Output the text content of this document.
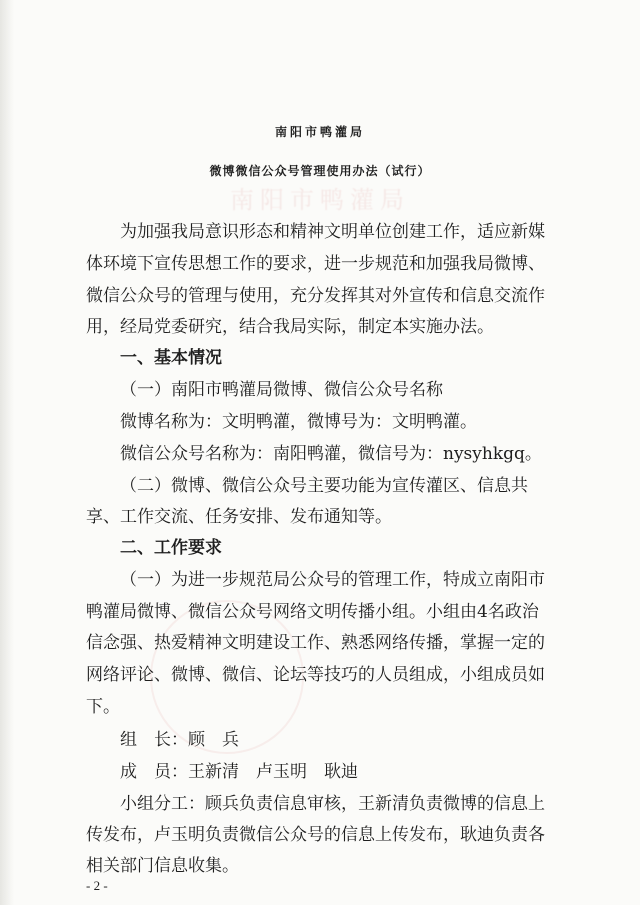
南阳市鸭灌局
南阳市鸭灌局
微博微信公众号管理使用办法（试行）
为加强我局意识形态和精神文明单位创建工作，适应新媒
体环境下宣传思想工作的要求，进一步规范和加强我局微博、
微信公众号的管理与使用，充分发挥其对外宣传和信息交流作
用，经局党委研究，结合我局实际，制定本实施办法。
一、基本情况
（一）南阳市鸭灌局微博、微信公众号名称
微博名称为：文明鸭灌，微博号为：文明鸭灌。
微信公众号名称为：南阳鸭灌，微信号为：nysyhkgq。
（二）微博、微信公众号主要功能为宣传灌区、信息共
享、工作交流、任务安排、发布通知等。
二、工作要求
（一）为进一步规范局公众号的管理工作，特成立南阳市
鸭灌局微博、微信公众号网络文明传播小组。小组由4名政治
信念强、热爱精神文明建设工作、熟悉网络传播，掌握一定的
网络评论、微博、微信、论坛等技巧的人员组成，小组成员如
下。
组　长：顾　兵
成　员：王新清　卢玉明　耿迪
小组分工：顾兵负责信息审核，王新清负责微博的信息上
传发布，卢玉明负责微信公众号的信息上传发布，耿迪负责各
相关部门信息收集。
- 2 -
